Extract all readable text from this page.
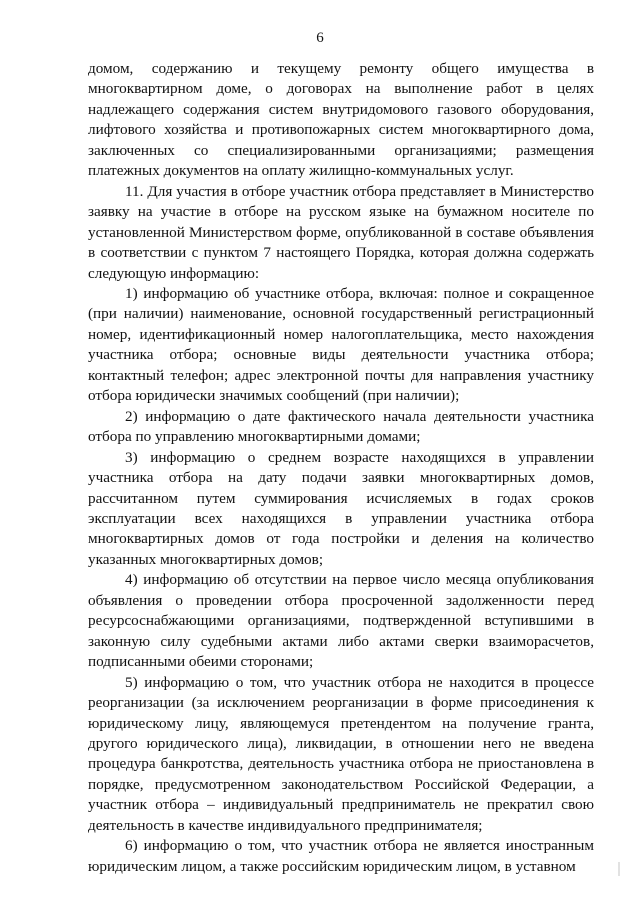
6

домом, содержанию и текущему ремонту общего имущества в многоквартирном доме, о договорах на выполнение работ в целях надлежащего содержания систем внутридомового газового оборудования, лифтового хозяйства и противопожарных систем многоквартирного дома, заключенных со специализированными организациями; размещения платежных документов на оплату жилищно-коммунальных услуг.

11. Для участия в отборе участник отбора представляет в Министерство заявку на участие в отборе на русском языке на бумажном носителе по установленной Министерством форме, опубликованной в составе объявления в соответствии с пунктом 7 настоящего Порядка, которая должна содержать следующую информацию:

1) информацию об участнике отбора, включая: полное и сокращенное (при наличии) наименование, основной государственный регистрационный номер, идентификационный номер налогоплательщика, место нахождения участника отбора; основные виды деятельности участника отбора; контактный телефон; адрес электронной почты для направления участнику отбора юридически значимых сообщений (при наличии);

2) информацию о дате фактического начала деятельности участника отбора по управлению многоквартирными домами;

3) информацию о среднем возрасте находящихся в управлении участника отбора на дату подачи заявки многоквартирных домов, рассчитанном путем суммирования исчисляемых в годах сроков эксплуатации всех находящихся в управлении участника отбора многоквартирных домов от года постройки и деления на количество указанных многоквартирных домов;

4) информацию об отсутствии на первое число месяца опубликования объявления о проведении отбора просроченной задолженности перед ресурсоснабжающими организациями, подтвержденной вступившими в законную силу судебными актами либо актами сверки взаиморасчетов, подписанными обеими сторонами;

5) информацию о том, что участник отбора не находится в процессе реорганизации (за исключением реорганизации в форме присоединения к юридическому лицу, являющемуся претендентом на получение гранта, другого юридического лица), ликвидации, в отношении него не введена процедура банкротства, деятельность участника отбора не приостановлена в порядке, предусмотренном законодательством Российской Федерации, а участник отбора – индивидуальный предприниматель не прекратил свою деятельность в качестве индивидуального предпринимателя;

6) информацию о том, что участник отбора не является иностранным юридическим лицом, а также российским юридическим лицом, в уставном
